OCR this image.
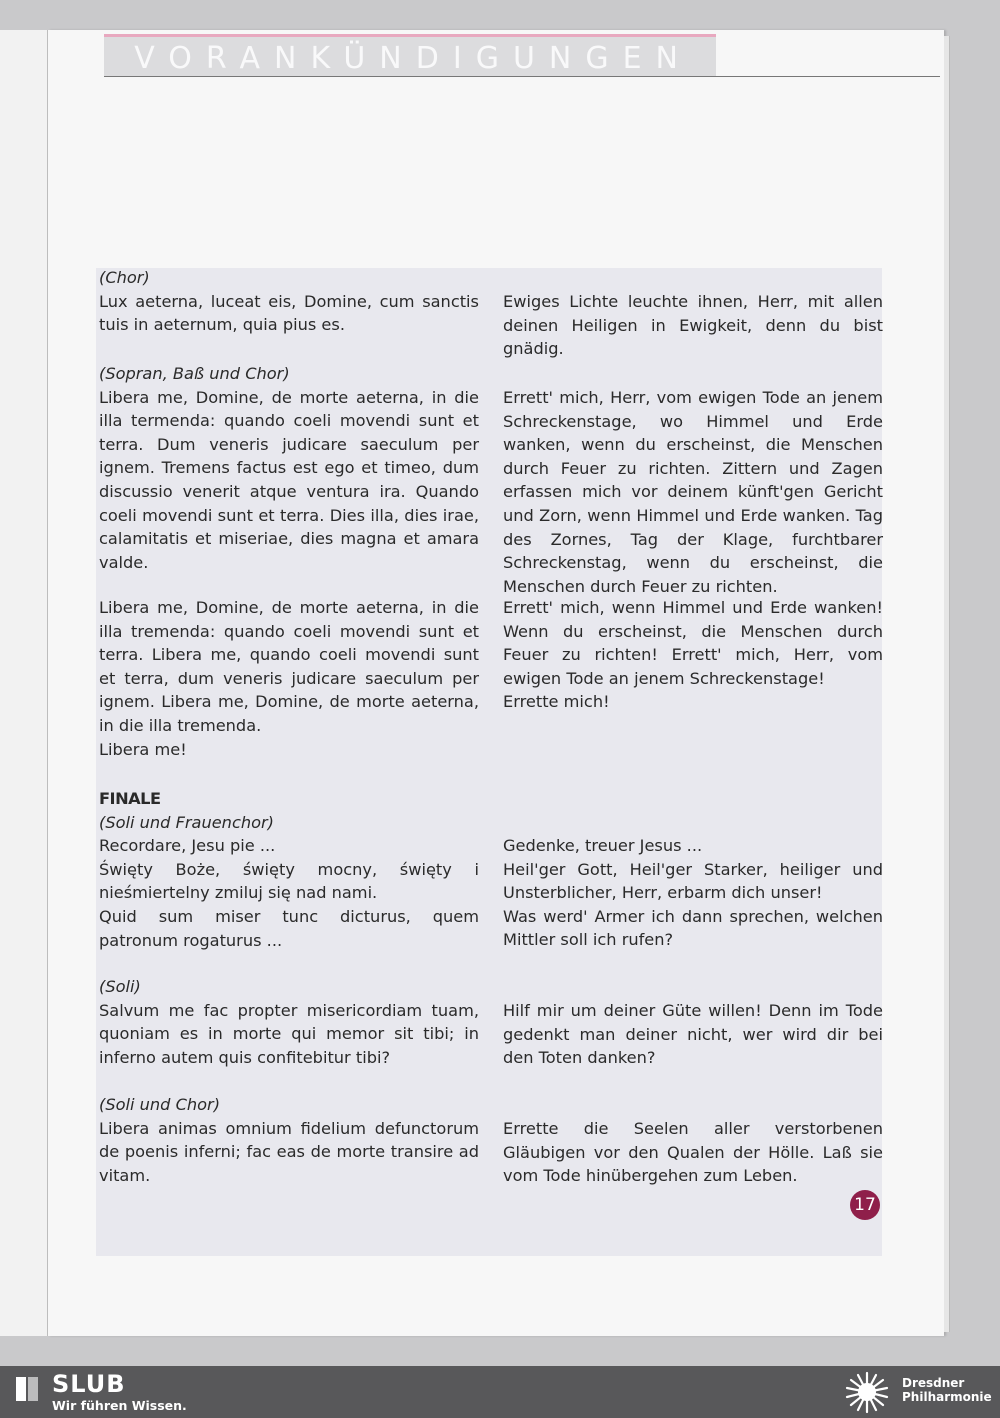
VORANKÜNDIGUNGEN
(Chor)
Lux aeterna, luceat eis, Domine, cum sanctis tuis in aeternum, quia pius es.
(Sopran, Baß und Chor)
Libera me, Domine, de morte aeterna, in die illa termenda: quando coeli movendi sunt et terra. Dum veneris judicare saeculum per ignem. Tremens factus est ego et timeo, dum discussio venerit atque ventura ira. Quando coeli movendi sunt et terra. Dies illa, dies irae, calamitatis et miseriae, dies magna et amara valde.
Libera me, Domine, de morte aeterna, in die illa tremenda: quando coeli movendi sunt et terra. Libera me, quando coeli movendi sunt et terra, dum veneris judicare saeculum per ignem. Libera me, Domine, de morte aeterna, in die illa tremenda.
Libera me!
FINALE
(Soli und Frauenchor)
Recordare, Jesu pie ...
Święty Boże, święty mocny, święty i nieśmiertelny zmiluj się nad nami.
Quid sum miser tunc dicturus, quem patronum rogaturus ...
(Soli)
Salvum me fac propter misericordiam tuam, quoniam es in morte qui memor sit tibi; in inferno autem quis confitebitur tibi?
(Soli und Chor)
Libera animas omnium fidelium defunctorum de poenis inferni; fac eas de morte transire ad vitam.
Ewiges Lichte leuchte ihnen, Herr, mit allen deinen Heiligen in Ewigkeit, denn du bist gnädig.
Errett' mich, Herr, vom ewigen Tode an jenem Schreckenstage, wo Himmel und Erde wanken, wenn du erscheinst, die Menschen durch Feuer zu richten. Zittern und Zagen erfassen mich vor deinem künft'gen Gericht und Zorn, wenn Himmel und Erde wanken. Tag des Zornes, Tag der Klage, furchtbarer Schreckenstag, wenn du erscheinst, die Menschen durch Feuer zu richten.
Errett' mich, wenn Himmel und Erde wanken! Wenn du erscheinst, die Menschen durch Feuer zu richten! Errett' mich, Herr, vom ewigen Tode an jenem Schreckenstage!
Errette mich!
Gedenke, treuer Jesus ...
Heil'ger Gott, Heil'ger Starker, heiliger und Unsterblicher, Herr, erbarm dich unser!
Was werd' Armer ich dann sprechen, welchen Mittler soll ich rufen?
Hilf mir um deiner Güte willen! Denn im Tode gedenkt man deiner nicht, wer wird dir bei den Toten danken?
Errette die Seelen aller verstorbenen Gläubigen vor den Qualen der Hölle. Laß sie vom Tode hinübergehen zum Leben.
17
SLUB
Wir führen Wissen.
Dresdner
Philharmonie
